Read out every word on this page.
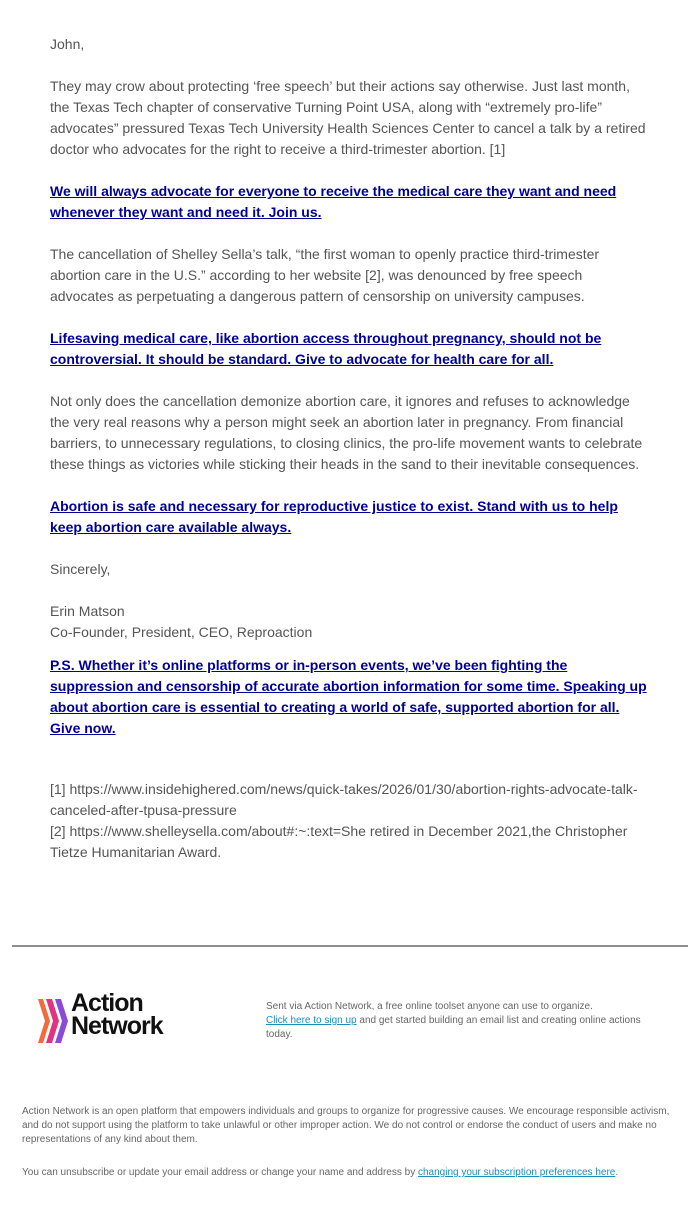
John,

They may crow about protecting ‘free speech’ but their actions say otherwise. Just last month, the Texas Tech chapter of conservative Turning Point USA, along with “extremely pro-life” advocates” pressured Texas Tech University Health Sciences Center to cancel a talk by a retired doctor who advocates for the right to receive a third-trimester abortion. [1]

We will always advocate for everyone to receive the medical care they want and need whenever they want and need it. Join us.

The cancellation of Shelley Sella’s talk, “the first woman to openly practice third-trimester abortion care in the U.S.” according to her website [2], was denounced by free speech advocates as perpetuating a dangerous pattern of censorship on university campuses.

Lifesaving medical care, like abortion access throughout pregnancy, should not be controversial. It should be standard. Give to advocate for health care for all.

Not only does the cancellation demonize abortion care, it ignores and refuses to acknowledge the very real reasons why a person might seek an abortion later in pregnancy. From financial barriers, to unnecessary regulations, to closing clinics, the pro-life movement wants to celebrate these things as victories while sticking their heads in the sand to their inevitable consequences.

Abortion is safe and necessary for reproductive justice to exist. Stand with us to help keep abortion care available always.

Sincerely,

Erin Matson

Co-Founder, President, CEO, Reproaction

P.S. Whether it’s online platforms or in-person events, we’ve been fighting the suppression and censorship of accurate abortion information for some time. Speaking up about abortion care is essential to creating a world of safe, supported abortion for all. Give now.

[1] https://www.insidehighered.com/news/quick-takes/2026/01/30/abortion-rights-advocate-talk-canceled-after-tpusa-pressure
[2] https://www.shelleysella.com/about#:~:text=She retired in December 2021,the Christopher Tietze Humanitarian Award.

Action
Network
Sent via Action Network, a free online toolset anyone can use to organize.
Click here to sign up and get started building an email list and creating online actions today.
Action Network is an open platform that empowers individuals and groups to organize for progressive causes. We encourage responsible activism, and do not support using the platform to take unlawful or other improper action. We do not control or endorse the conduct of users and make no representations of any kind about them.
You can unsubscribe or update your email address or change your name and address by changing your subscription preferences here.
